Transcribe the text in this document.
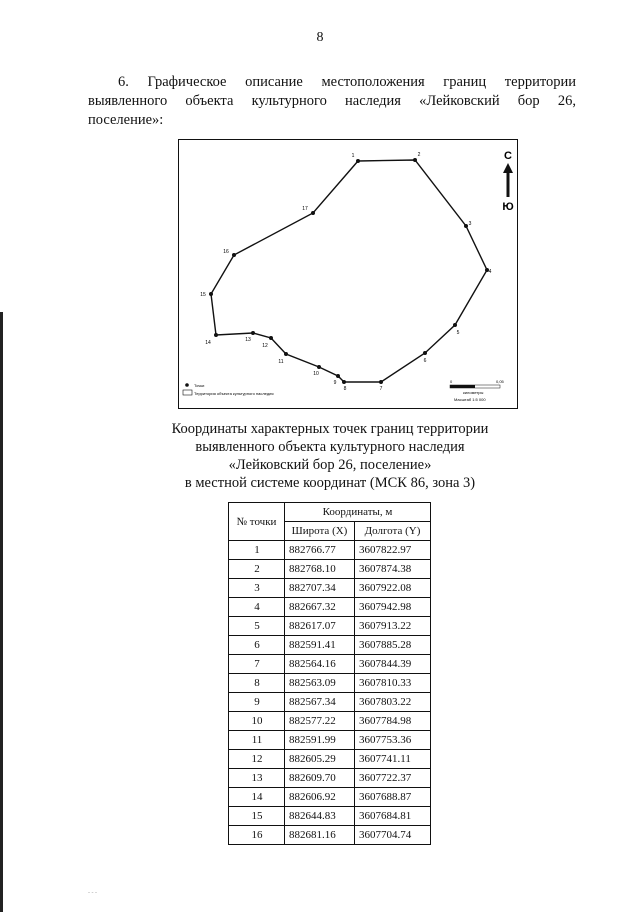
8

6. Графическое описание местоположения границ территории

выявленного объекта культурного наследия «Лейковский бор 26,

поселение»:

1	2
3
4
5
6
7
8
9
10
11
12
13
14
15
16
17
С
Ю
Точки
Территория объекта культурного наследия
0	0,05
километры
Масштаб 1:5 000
Координаты характерных точек границ территории
выявленного объекта культурного наследия
«Лейковский бор 26, поселение»
в местной системе координат (МСК 86, зона 3)
№ точки	Координаты, м	
	Широта (X)	Долгота (Y)
1	882766.77	3607822.97
2	882768.10	3607874.38
3	882707.34	3607922.08
4	882667.32	3607942.98
5	882617.07	3607913.22
6	882591.41	3607885.28
7	882564.16	3607844.39
8	882563.09	3607810.33
9	882567.34	3607803.22
10	882577.22	3607784.98
11	882591.99	3607753.36
12	882605.29	3607741.11
13	882609.70	3607722.37
14	882606.92	3607688.87
15	882644.83	3607684.81
16	882681.16	3607704.74
- - -
